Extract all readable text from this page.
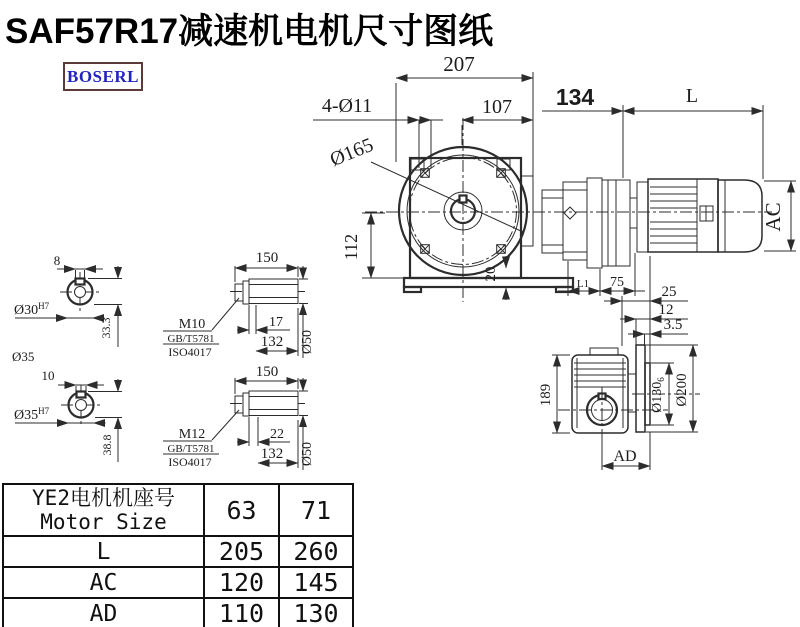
SAF57R17减速机电机尺寸图纸
BOSERL
Ø165
112
20
207
107
4-Ø11	134	L
AC
L1 75
25
12
3.5
$Ø130_6$ Ø200
189
AD
8
$Ø30^{H7}$
33.3
Ø35
10
$Ø35^{H7}$
38.8
150
M10
GB/T5781
ISO4017
17
132 Ø50
150
M12
GB/T5781
ISO4017
22
132 Ø50
YE2电机机座号
Motor Size	63	71
L	205	260
AC	120	145
AD	110	130
